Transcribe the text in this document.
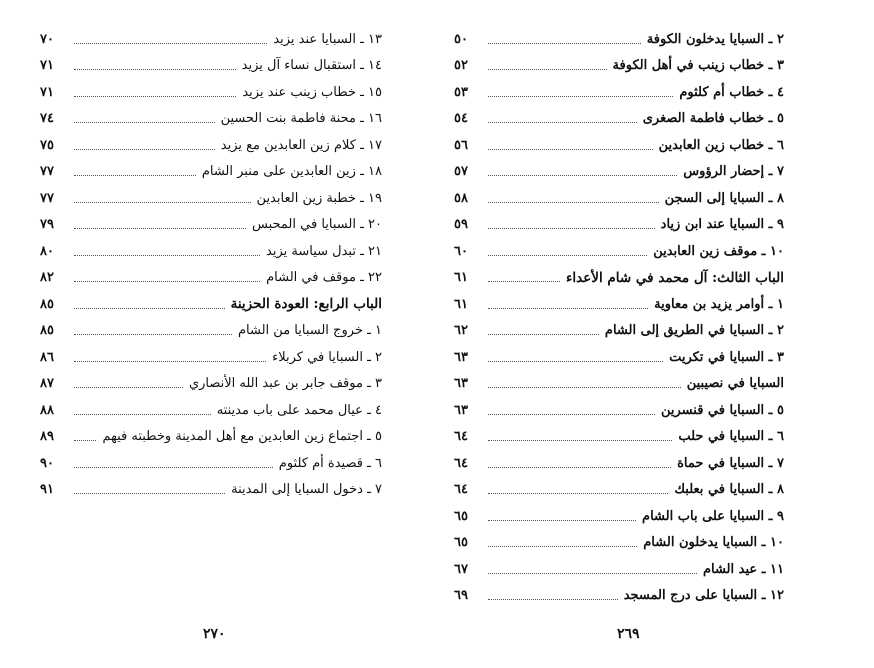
١٣ ـ السبايا عند يزيد
٧٠
١٤ ـ استقبال نساء آل يزيد
٧١
١٥ ـ خطاب زينب عند يزيد
٧١
١٦ ـ محنة فاطمة بنت الحسين
٧٤
١٧ ـ كلام زين العابدين مع يزيد
٧٥
١٨ ـ زين العابدين على منبر الشام
٧٧
١٩ ـ خطبة زين العابدين
٧٧
٢٠ ـ السبايا في المحبس
٧٩
٢١ ـ تبدل سياسة يزيد
٨٠
٢٢ ـ موقف في الشام
٨٢
الباب الرابع: العودة الحزينة
٨٥
١ ـ خروج السبايا من الشام
٨٥
٢ ـ السبايا في كربلاء
٨٦
٣ ـ موقف جابر بن عبد الله الأنصاري
٨٧
٤ ـ عيال محمد على باب مدينته
٨٨
٥ ـ اجتماع زين العابدين مع أهل المدينة وخطبته فيهم
٨٩
٦ ـ قصيدة أم كلثوم
٩٠
٧ ـ دخول السبايا إلى المدينة
٩١
٢ ـ السبايا يدخلون الكوفة
٥٠
٣ ـ خطاب زينب في أهل الكوفة
٥٢
٤ ـ خطاب أم كلثوم
٥٣
٥ ـ خطاب فاطمة الصغرى
٥٤
٦ ـ خطاب زين العابدين
٥٦
٧ ـ إحضار الرؤوس
٥٧
٨ ـ السبايا إلى السجن
٥٨
٩ ـ السبايا عند ابن زياد
٥٩
١٠ ـ موقف زين العابدين
٦٠
الباب الثالث: آل محمد في شام الأعداء
٦١
١ ـ أوامر يزيد بن معاوية
٦١
٢ ـ السبايا في الطريق إلى الشام
٦٢
٣ ـ السبايا في تكريت
٦٣
السبايا في نصيبين
٦٣
٥ ـ السبايا في قنسرين
٦٣
٦ ـ السبايا في حلب
٦٤
٧ ـ السبايا في حماة
٦٤
٨ ـ السبايا في بعلبك
٦٤
٩ ـ السبايا على باب الشام
٦٥
١٠ ـ السبايا يدخلون الشام
٦٥
١١ ـ عيد الشام
٦٧
١٢ ـ السبايا على درج المسجد
٦٩
٢٧٠	٢٦٩
